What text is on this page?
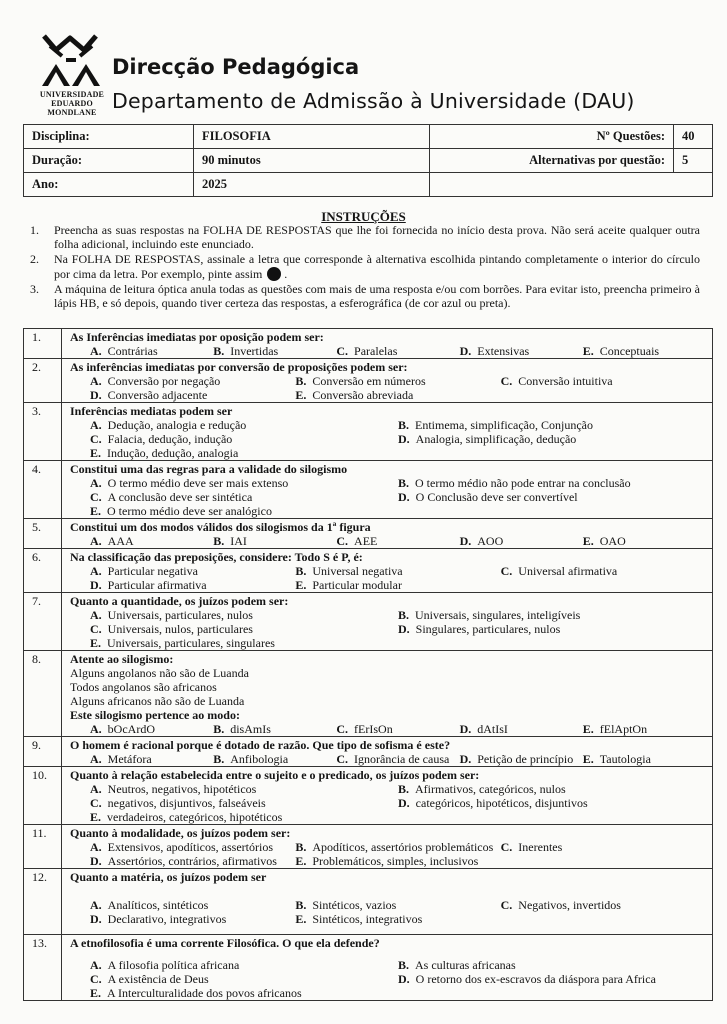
UNIVERSIDADE EDUARDO MONDLANE
Direcção Pedagógica
Departamento de Admissão à Universidade (DAU)
Disciplina:	FILOSOFIA	Nº Questões:	40
Duração:	90 minutos	Alternativas por questão:	5
Ano:	2025		
INSTRUÇÕES
1.	Preencha as suas respostas na FOLHA DE RESPOSTAS que lhe foi fornecida no início desta prova. Não será aceite qualquer outra folha adicional, incluindo este enunciado.
2.	Na FOLHA DE RESPOSTAS, assinale a letra que corresponde à alternativa escolhida pintando completamente o interior do círculo por cima da letra. Por exemplo, pinte assim .
3.	A máquina de leitura óptica anula todas as questões com mais de uma resposta e/ou com borrões. Para evitar isto, preencha primeiro à lápis HB, e só depois, quando tiver certeza das respostas, a esferográfica (de cor azul ou preta).
1.	As Inferências imediatas por oposição podem ser:
A. Contrárias	B. Invertidas	C. Paralelas	D. Extensivas	E. Conceptuais
2.	As inferências imediatas por conversão de proposições podem ser:
A. Conversão por negação	B. Conversão em números	C. Conversão intuitiva
D. Conversão adjacente	E. Conversão abreviada
3.	Inferências mediatas podem ser
A. Dedução, analogia e redução	B. Entimema, simplificação, Conjunção
C. Falacia, dedução, indução	D. Analogia, simplificação, dedução
E. Indução, dedução, analogia
4.	Constitui uma das regras para a validade do silogismo
A. O termo médio deve ser mais extenso	B. O termo médio não pode entrar na conclusão
C. A conclusão deve ser sintética	D. O Conclusão deve ser convertível
E. O termo médio deve ser analógico
5.	Constitui um dos modos válidos dos silogismos da 1ª figura
A. AAA	B. IAI	C. AEE	D. AOO	E. OAO
6.	Na classificação das preposições, considere: Todo S é P, é:
A. Particular negativa	B. Universal negativa	C. Universal afirmativa
D. Particular afirmativa	E. Particular modular
7.	Quanto a quantidade, os juízos podem ser:
A. Universais, particulares, nulos	B. Universais, singulares, inteligíveis
C. Universais, nulos, particulares	D. Singulares, particulares, nulos
E. Universais, particulares, singulares
8.	Atente ao silogismo:
Alguns angolanos não são de Luanda
Todos angolanos são africanos
Alguns africanos não são de Luanda
Este silogismo pertence ao modo:
A. bOcArdO	B. disAmIs	C. fErIsOn	D. dAtIsI	E. fElAptOn
9.	O homem é racional porque é dotado de razão. Que tipo de sofisma é este?
A. Metáfora	B. Anfibologia	C. Ignorância de causa D. Petição de princípio E. Tautologia
10.	Quanto à relação estabelecida entre o sujeito e o predicado, os juízos podem ser:
A. Neutros, negativos, hipotéticos	B. Afirmativos, categóricos, nulos
C. negativos, disjuntivos, falseáveis	D. categóricos, hipotéticos, disjuntivos
E. verdadeiros, categóricos, hipotéticos
11.	Quanto à modalidade, os juízos podem ser:
A. Extensivos, apodíticos, assertórios	B. Apodíticos, assertórios problemáticos C. Inerentes
D. Assertórios, contrários, afirmativos	E. Problemáticos, simples, inclusivos
12.	Quanto a matéria, os juízos podem ser
A. Analíticos, sintéticos	B. Sintéticos, vazios	C. Negativos, invertidos
D. Declarativo, integrativos	E. Sintéticos, integrativos
13.	A etnofilosofia é uma corrente Filosófica. O que ela defende?
A. A filosofia política africana	B. As culturas africanas
C. A existência de Deus	D. O retorno dos ex-escravos da diáspora para Africa
E. A Interculturalidade dos povos africanos
